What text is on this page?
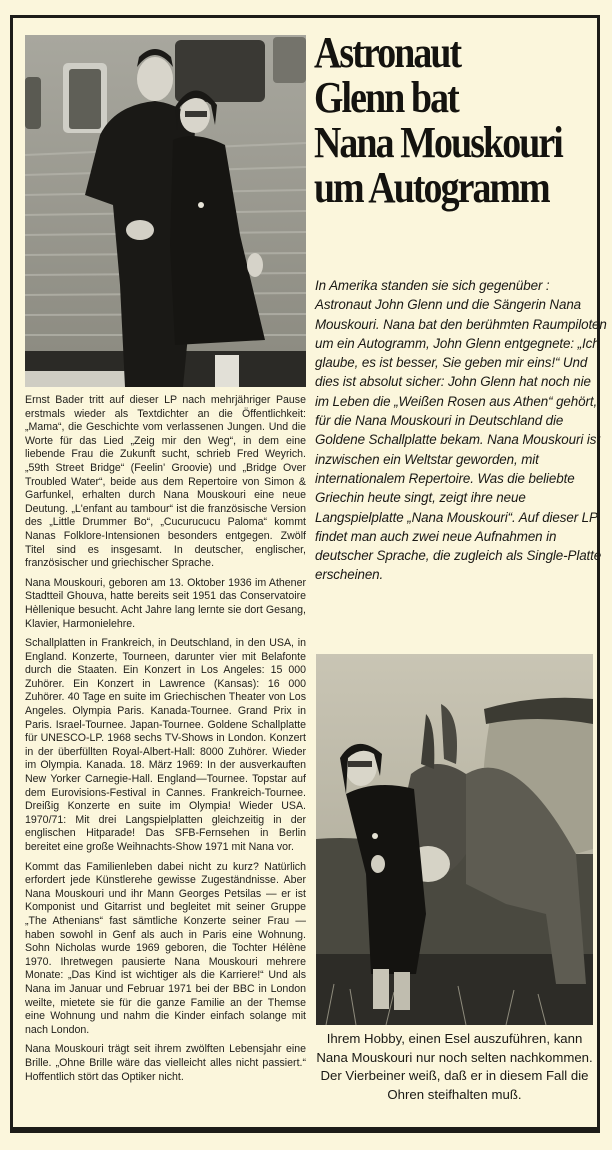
Astronaut
Glenn bat
Nana Mouskouri
um Autogramm

In Amerika standen sie sich gegenüber : Astronaut John Glenn und die Sängerin Nana Mouskouri. Nana bat den berühmten Raumpiloten um ein Autogramm, John Glenn entgegnete: „Ich glaube, es ist besser, Sie geben mir eins!“ Und dies ist absolut sicher: John Glenn hat noch nie im Leben die „Weißen Rosen aus Athen“ gehört, für die Nana Mouskouri in Deutschland die Goldene Schallplatte bekam. Nana Mouskouri ist inzwischen ein Weltstar geworden, mit internationalem Repertoire. Was die beliebte Griechin heute singt, zeigt ihre neue Langspielplatte „Nana Mouskouri“. Auf dieser LP findet man auch zwei neue Aufnahmen in deutscher Sprache, die zugleich als Single-Platte erscheinen.

Ernst Bader tritt auf dieser LP nach mehrjähriger Pause erstmals wieder als Textdichter an die Öffentlichkeit: „Mama“, die Geschichte vom verlassenen Jungen. Und die Worte für das Lied „Zeig mir den Weg“, in dem eine liebende Frau die Zukunft sucht, schrieb Fred Weyrich. „59th Street Bridge“ (Feelin' Groovie) und „Bridge Over Troubled Water“, beide aus dem Repertoire von Simon & Garfunkel, erhalten durch Nana Mouskouri eine neue Deutung. „L'enfant au tambour“ ist die französische Version des „Little Drummer Bo“, „Cucurucucu Paloma“ kommt Nanas Folklore-Intensionen besonders entgegen. Zwölf Titel sind es insgesamt. In deutscher, englischer, französischer und griechischer Sprache.

Nana Mouskouri, geboren am 13. Oktober 1936 im Athener Stadtteil Ghouva, hatte bereits seit 1951 das Conservatoire Hèllenique besucht. Acht Jahre lang lernte sie dort Gesang, Klavier, Harmonielehre.

Schallplatten in Frankreich, in Deutschland, in den USA, in England. Konzerte, Tourneen, darunter vier mit Belafonte durch die Staaten. Ein Konzert in Los Angeles: 15 000 Zuhörer. Ein Konzert in Lawrence (Kansas): 16 000 Zuhörer. 40 Tage en suite im Griechischen Theater von Los Angeles. Olympia Paris. Kanada-Tournee. Grand Prix in Paris. Israel-Tournee. Japan-Tournee. Goldene Schallplatte für UNESCO-LP. 1968 sechs TV-Shows in London. Konzert in der überfüllten Royal-Albert-Hall: 8000 Zuhörer. Wieder im Olympia. Kanada. 18. März 1969: In der ausverkauften New Yorker Carnegie-Hall. England—Tournee. Topstar auf dem Eurovisions-Festival in Cannes. Frankreich-Tournee. Dreißig Konzerte en suite im Olympia! Wieder USA. 1970/71: Mit drei Langspielplatten gleichzeitig in der englischen Hitparade! Das SFB-Fernsehen in Berlin bereitet eine große Weihnachts-Show 1971 mit Nana vor.

Kommt das Familienleben dabei nicht zu kurz? Natürlich erfordert jede Künstlerehe gewisse Zugeständnisse. Aber Nana Mouskouri und ihr Mann Georges Petsilas — er ist Komponist und Gitarrist und begleitet mit seiner Gruppe „The Athenians“ fast sämtliche Konzerte seiner Frau — haben sowohl in Genf als auch in Paris eine Wohnung. Sohn Nicholas wurde 1969 geboren, die Tochter Hélène 1970. Ihretwegen pausierte Nana Mouskouri mehrere Monate: „Das Kind ist wichtiger als die Karriere!“ Und als Nana im Januar und Februar 1971 bei der BBC in London weilte, mietete sie für die ganze Familie an der Themse eine Wohnung und nahm die Kinder einfach solange mit nach London.

Nana Mouskouri trägt seit ihrem zwölften Lebensjahr eine Brille. „Ohne Brille wäre das vielleicht alles nicht passiert.“ Hoffentlich stört das Optiker nicht.

Ihrem Hobby, einen Esel auszuführen, kann Nana Mouskouri nur noch selten nachkommen. Der Vierbeiner weiß, daß er in diesem Fall die Ohren steifhalten muß.
